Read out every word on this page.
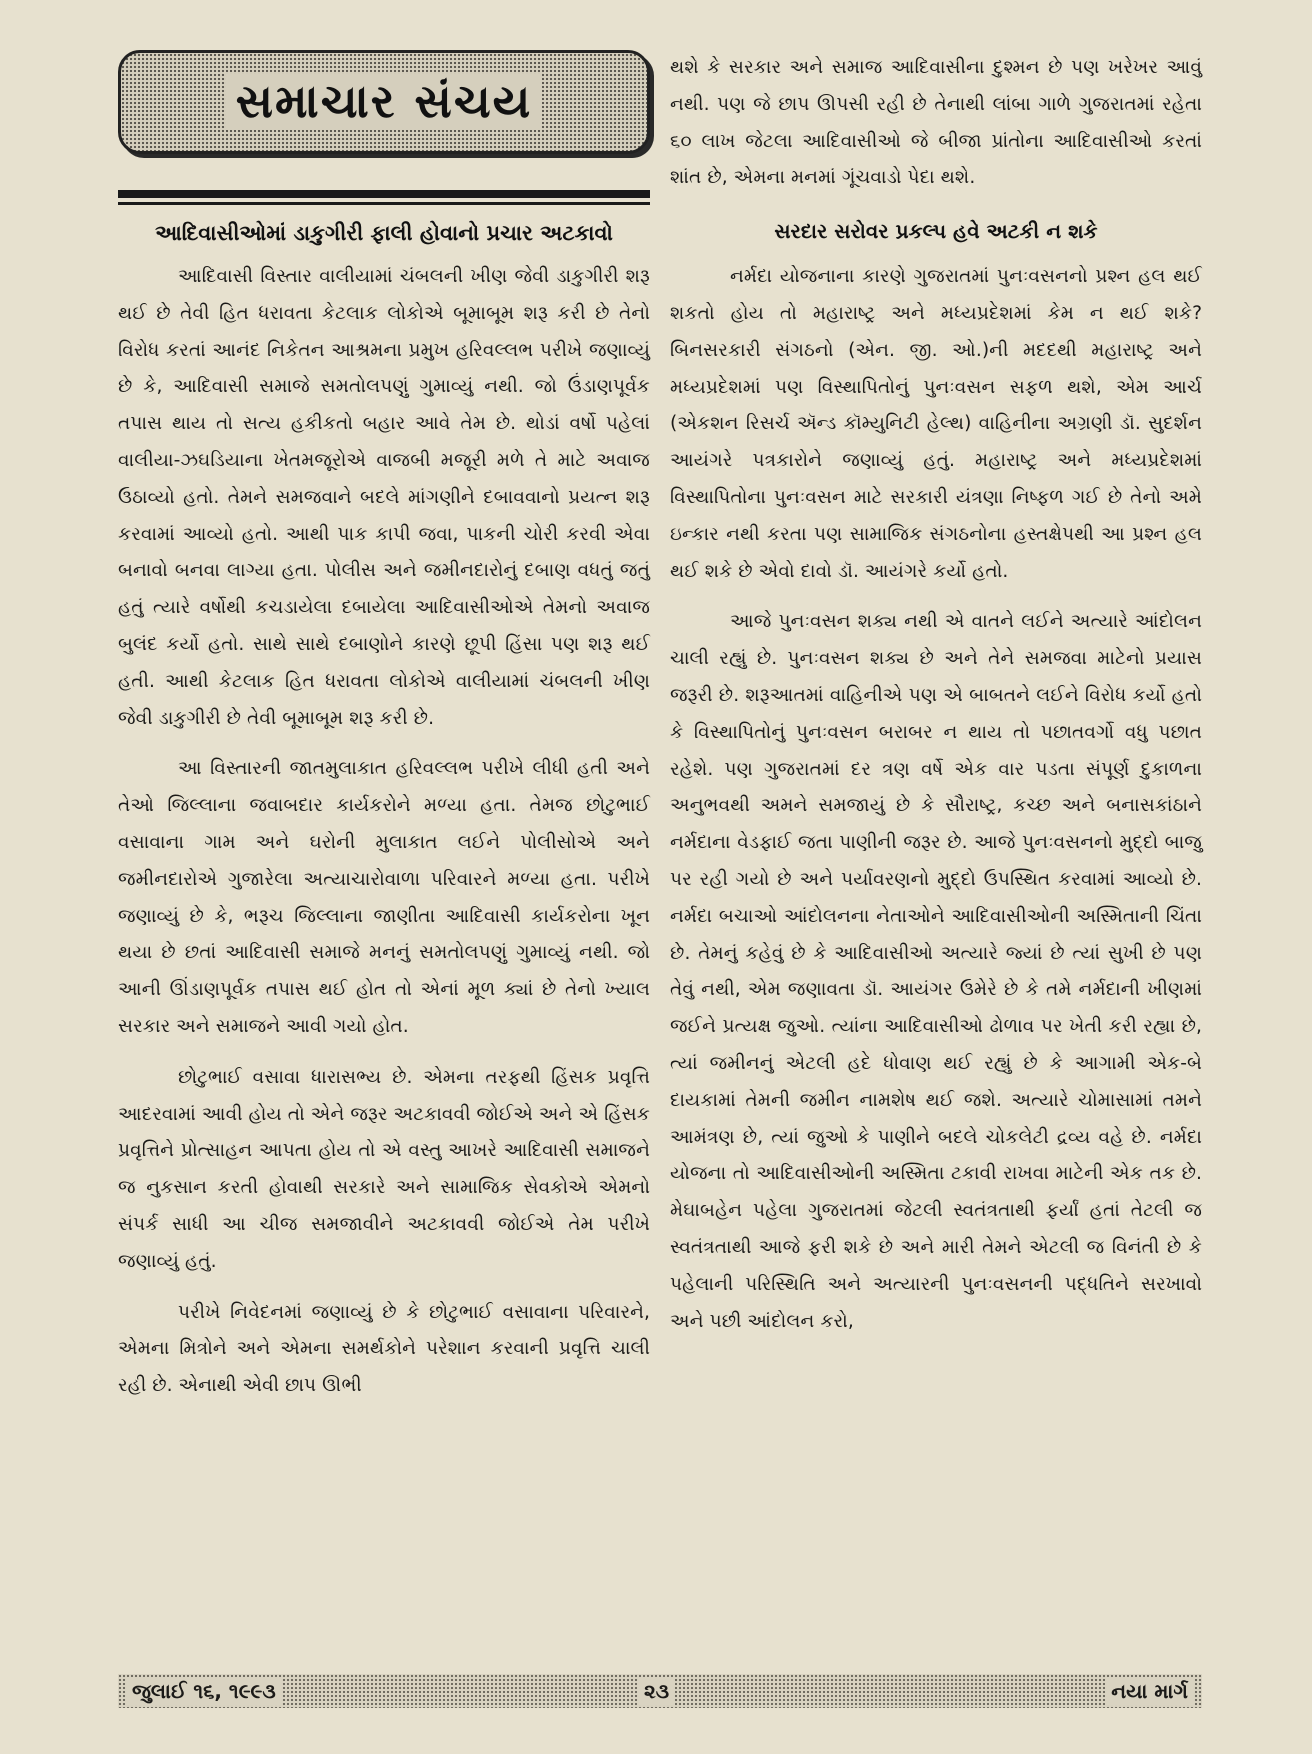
સમાચાર સંચય
આદિવાસીઓમાં ડાકુગીરી ફાલી હોવાનો પ્રચાર અટકાવો

આદિવાસી વિસ્તાર વાલીયામાં ચંબલની ખીણ જેવી ડાકુગીરી શરૂ થઈ છે તેવી હિત ધરાવતા કેટલાક લોકોએ બૂમાબૂમ શરૂ કરી છે તેનો વિરોધ કરતાં આનંદ નિકેતન આશ્રમના પ્રમુખ હરિવલ્લભ પરીખે જણાવ્યું છે કે, આદિવાસી સમાજે સમતોલપણું ગુમાવ્યું નથી. જો ઉંડાણપૂર્વક તપાસ થાય તો સત્ય હકીકતો બહાર આવે તેમ છે. થોડાં વર્ષો પહેલાં વાલીયા-ઝઘડિયાના ખેતમજૂરોએ વાજબી મજૂરી મળે તે માટે અવાજ ઉઠાવ્યો હતો. તેમને સમજવાને બદલે માંગણીને દબાવવાનો પ્રયત્ન શરૂ કરવામાં આવ્યો હતો. આથી પાક કાપી જવા, પાકની ચોરી કરવી એવા બનાવો બનવા લાગ્યા હતા. પોલીસ અને જમીનદારોનું દબાણ વધતું જતું હતું ત્યારે વર્ષોથી કચડાયેલા દબાયેલા આદિવાસીઓએ તેમનો અવાજ બુલંદ કર્યો હતો. સાથે સાથે દબાણોને કારણે છૂપી હિંસા પણ શરૂ થઈ હતી. આથી કેટલાક હિત ધરાવતા લોકોએ વાલીયામાં ચંબલની ખીણ જેવી ડાકુગીરી છે તેવી બૂમાબૂમ શરૂ કરી છે.

આ વિસ્તારની જાતમુલાકાત હરિવલ્લભ પરીખે લીધી હતી અને તેઓ જિલ્લાના જવાબદાર કાર્યકરોને મળ્યા હતા. તેમજ છોટુભાઈ વસાવાના ગામ અને ઘરોની મુલાકાત લઈને પોલીસોએ અને જમીનદારોએ ગુજારેલા અત્યાચારોવાળા પરિવારને મળ્યા હતા. પરીખે જણાવ્યું છે કે, ભરૂચ જિલ્લાના જાણીતા આદિવાસી કાર્યકરોના ખૂન થયા છે છતાં આદિવાસી સમાજે મનનું સમતોલપણું ગુમાવ્યું નથી. જો આની ઊંડાણપૂર્વક તપાસ થઈ હોત તો એનાં મૂળ ક્યાં છે તેનો ખ્યાલ સરકાર અને સમાજને આવી ગયો હોત.

છોટુભાઈ વસાવા ધારાસભ્ય છે. એમના તરફથી હિંસક પ્રવૃત્તિ આદરવામાં આવી હોય તો એને જરૂર અટકાવવી જોઈએ અને એ હિંસક પ્રવૃત્તિને પ્રોત્સાહન આપતા હોય તો એ વસ્તુ આખરે આદિવાસી સમાજને જ નુકસાન કરતી હોવાથી સરકારે અને સામાજિક સેવકોએ એમનો સંપર્ક સાધી આ ચીજ સમજાવીને અટકાવવી જોઈએ તેમ પરીખે જણાવ્યું હતું.

પરીખે નિવેદનમાં જણાવ્યું છે કે છોટુભાઈ વસાવાના પરિવારને, એમના મિત્રોને અને એમના સમર્થકોને પરેશાન કરવાની પ્રવૃત્તિ ચાલી રહી છે. એનાથી એવી છાપ ઊભી

થશે કે સરકાર અને સમાજ આદિવાસીના દુશ્મન છે પણ ખરેખર આવું નથી. પણ જે છાપ ઊપસી રહી છે તેનાથી લાંબા ગાળે ગુજરાતમાં રહેતા ૬૦ લાખ જેટલા આદિવાસીઓ જે બીજા પ્રાંતોના આદિવાસીઓ કરતાં શાંત છે, એમના મનમાં ગૂંચવાડો પેદા થશે.

સરદાર સરોવર પ્રકલ્પ હવે અટકી ન શકે

નર્મદા યોજનાના કારણે ગુજરાતમાં પુનઃવસનનો પ્રશ્ન હલ થઈ શકતો હોય તો મહારાષ્ટ્ર અને મધ્યપ્રદેશમાં કેમ ન થઈ શકે? બિનસરકારી સંગઠનો (એન. જી. ઓ.)ની મદદથી મહારાષ્ટ્ર અને મધ્યપ્રદેશમાં પણ વિસ્થાપિતોનું પુનઃવસન સફળ થશે, એમ આર્ચ (એકશન રિસર્ચ ઍન્ડ કૉમ્યુનિટી હેલ્થ) વાહિનીના અગ્રણી ડૉ. સુદર્શન આયંગરે પત્રકારોને જણાવ્યું હતું. મહારાષ્ટ્ર અને મધ્યપ્રદેશમાં વિસ્થાપિતોના પુનઃવસન માટે સરકારી યંત્રણા નિષ્ફળ ગઈ છે તેનો અમે ઇન્કાર નથી કરતા પણ સામાજિક સંગઠનોના હસ્તક્ષેપથી આ પ્રશ્ન હલ થઈ શકે છે એવો દાવો ડૉ. આયંગરે કર્યો હતો.

આજે પુનઃવસન શક્ય નથી એ વાતને લઈને અત્યારે આંદોલન ચાલી રહ્યું છે. પુનઃવસન શક્ય છે અને તેને સમજવા માટેનો પ્રયાસ જરૂરી છે. શરૂઆતમાં વાહિનીએ પણ એ બાબતને લઈને વિરોધ કર્યો હતો કે વિસ્થાપિતોનું પુનઃવસન બરાબર ન થાય તો પછાતવર્ગો વધુ પછાત રહેશે. પણ ગુજરાતમાં દર ત્રણ વર્ષે એક વાર પડતા સંપૂર્ણ દુકાળના અનુભવથી અમને સમજાયું છે કે સૌરાષ્ટ્ર, કચ્છ અને બનાસકાંઠાને નર્મદાના વેડફાઈ જતા પાણીની જરૂર છે. આજે પુનઃવસનનો મુદ્દો બાજુ પર રહી ગયો છે અને પર્યાવરણનો મુદ્દો ઉપસ્થિત કરવામાં આવ્યો છે. નર્મદા બચાઓ આંદોલનના નેતાઓને આદિવાસીઓની અસ્મિતાની ચિંતા છે. તેમનું કહેવું છે કે આદિવાસીઓ અત્યારે જ્યાં છે ત્યાં સુખી છે પણ તેવું નથી, એમ જણાવતા ડૉ. આયંગર ઉમેરે છે કે તમે નર્મદાની ખીણમાં જઈને પ્રત્યક્ષ જુઓ. ત્યાંના આદિવાસીઓ ઢોળાવ પર ખેતી કરી રહ્યા છે, ત્યાં જમીનનું એટલી હદે ધોવાણ થઈ રહ્યું છે કે આગામી એક-બે દાયકામાં તેમની જમીન નામશેષ થઈ જશે. અત્યારે ચોમાસામાં તમને આમંત્રણ છે, ત્યાં જુઓ કે પાણીને બદલે ચોકલેટી દ્રવ્ય વહે છે. નર્મદા યોજના તો આદિવાસીઓની અસ્મિતા ટકાવી રાખવા માટેની એક તક છે. મેઘાબહેન પહેલા ગુજરાતમાં જેટલી સ્વતંત્રતાથી ફર્યાં હતાં તેટલી જ સ્વતંત્રતાથી આજે ફરી શકે છે અને મારી તેમને એટલી જ વિનંતી છે કે પહેલાની પરિસ્થિતિ અને અત્યારની પુનઃવસનની પદ્ધતિને સરખાવો અને પછી આંદોલન કરો,

જુલાઈ ૧૬, ૧૯૯૩	૨૩	નયા માર્ગ
